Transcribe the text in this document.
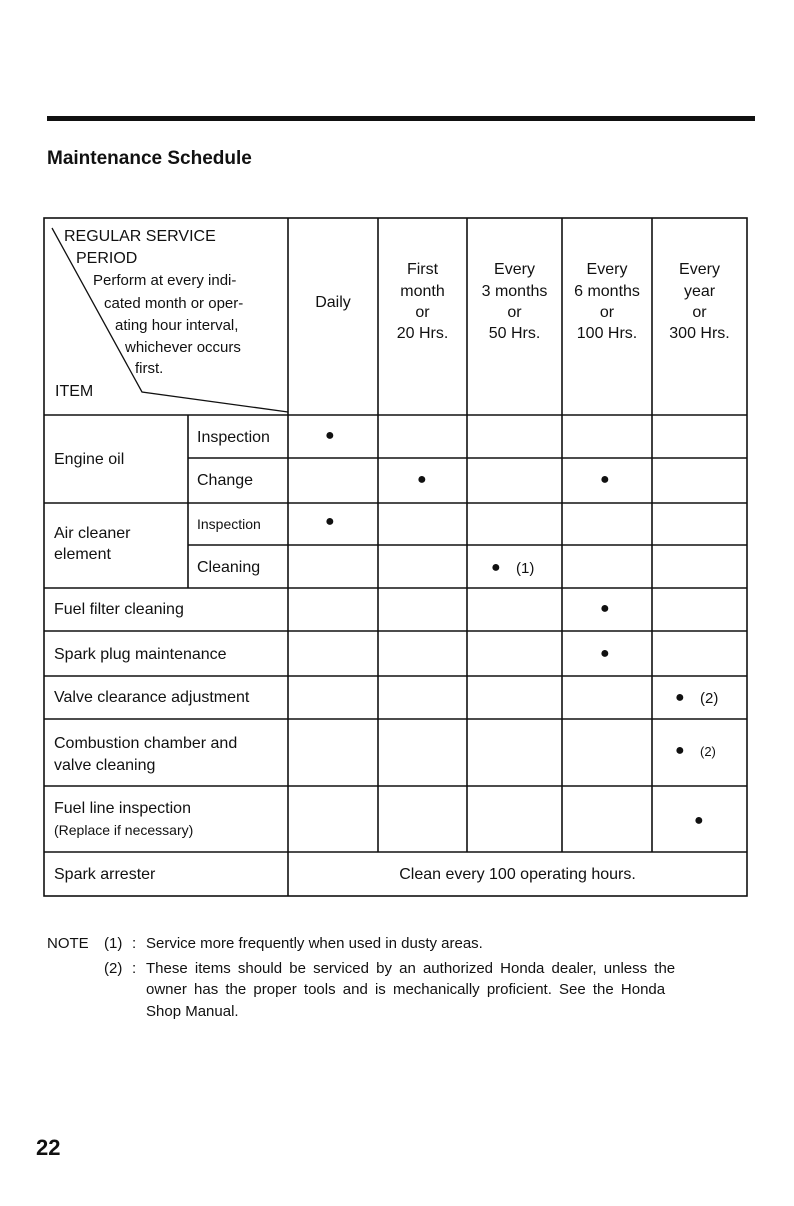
Maintenance Schedule
REGULAR SERVICE
PERIOD
Perform at every indi-
cated month or oper-
ating hour interval,
whichever occurs
first.
ITEM
Daily
First
month
or
20 Hrs.
Every
3 months
or
50 Hrs.
Every
6 months
or
100 Hrs.
Every
year
or
300 Hrs.
Engine oil
Inspection
Change
Air cleaner
element
Inspection
Cleaning
Fuel filter cleaning
Spark plug maintenance
Valve clearance adjustment
Combustion chamber and
valve cleaning
Fuel line inspection
(Replace if necessary)
Spark arrester	Clean every 100 operating hours.
●
●	●
●
● (1)
●
●
● (2)
● (2)
●
NOTE (1) : Service more frequently when used in dusty areas.
(2) : These items should be serviced by an authorized Honda dealer, unless the
owner has the proper tools and is mechanically proficient. See the Honda
Shop Manual.
22
